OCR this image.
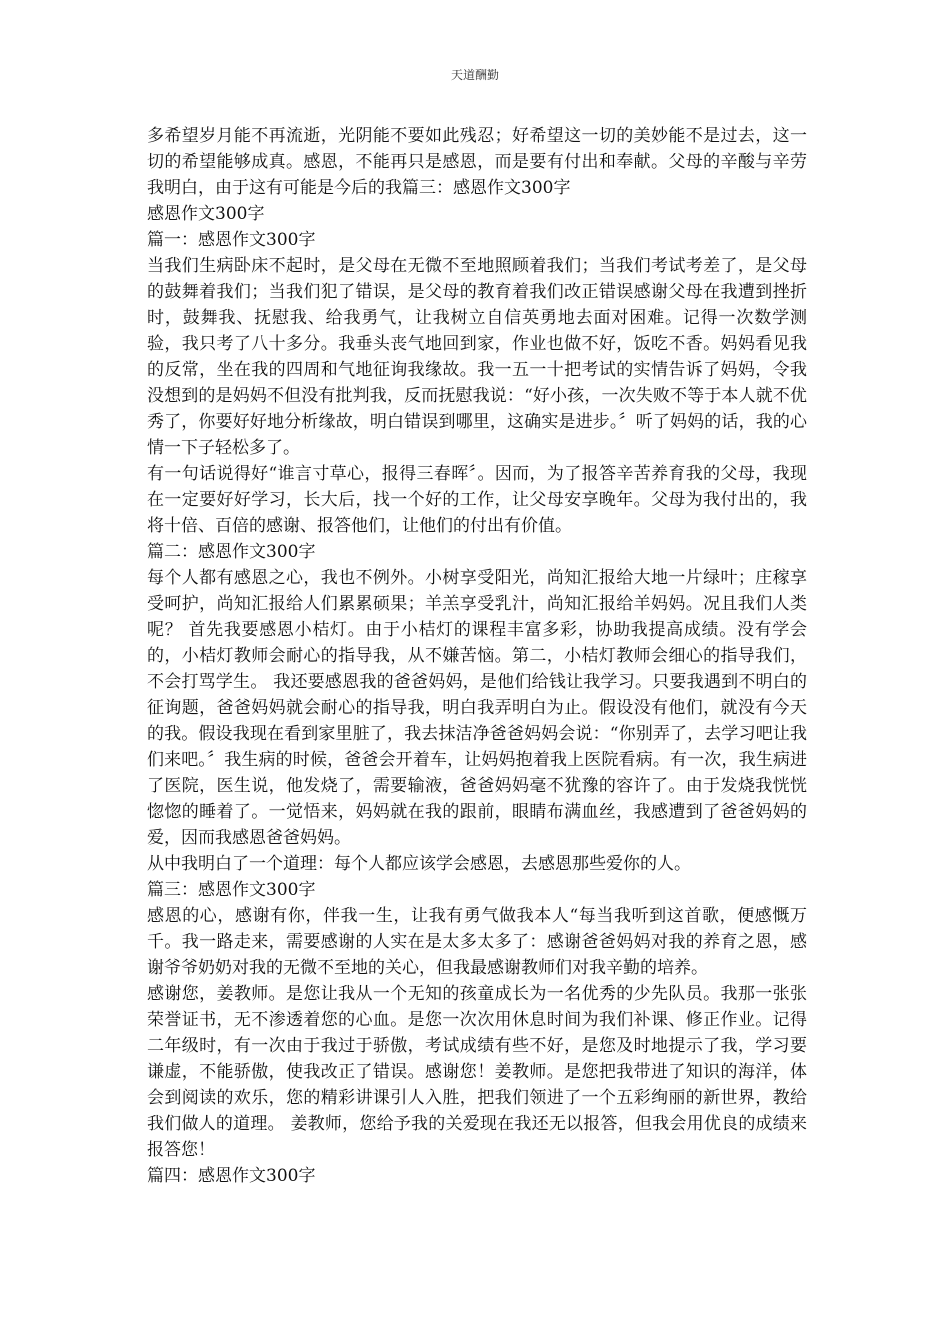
天道酬勤

多希望岁月能不再流逝，光阴能不要如此残忍；好希望这一切的美妙能不是过去，这一切的希望能够成真。感恩，不能再只是感恩，而是要有付出和奉献。父母的辛酸与辛劳我明白，由于这有可能是今后的我篇三：感恩作文300字

感恩作文300字

篇一：感恩作文300字

当我们生病卧床不起时，是父母在无微不至地照顾着我们；当我们考试考差了，是父母的鼓舞着我们；当我们犯了错误，是父母的教育着我们改正错误感谢父母在我遭到挫折时，鼓舞我、抚慰我、给我勇气，让我树立自信英勇地去面对困难。记得一次数学测验，我只考了八十多分。我垂头丧气地回到家，作业也做不好，饭吃不香。妈妈看见我的反常，坐在我的四周和气地征询我缘故。我一五一十把考试的实情告诉了妈妈，令我没想到的是妈妈不但没有批判我，反而抚慰我说：“好小孩，一次失败不等于本人就不优秀了，你要好好地分析缘故，明白错误到哪里，这确实是进步。〞听了妈妈的话，我的心情一下子轻松多了。

有一句话说得好“谁言寸草心，报得三春晖〞。因而，为了报答辛苦养育我的父母，我现在一定要好好学习，长大后，找一个好的工作，让父母安享晚年。父母为我付出的，我将十倍、百倍的感谢、报答他们，让他们的付出有价值。

篇二：感恩作文300字

每个人都有感恩之心，我也不例外。小树享受阳光，尚知汇报给大地一片绿叶；庄稼享受呵护，尚知汇报给人们累累硕果；羊羔享受乳汁，尚知汇报给羊妈妈。况且我们人类呢？ 首先我要感恩小桔灯。由于小桔灯的课程丰富多彩，协助我提高成绩。没有学会的，小桔灯教师会耐心的指导我，从不嫌苦恼。第二，小桔灯教师会细心的指导我们，不会打骂学生。 我还要感恩我的爸爸妈妈，是他们给钱让我学习。只要我遇到不明白的征询题，爸爸妈妈就会耐心的指导我，明白我弄明白为止。假设没有他们，就没有今天的我。假设我现在看到家里脏了，我去抹洁净爸爸妈妈会说：“你别弄了，去学习吧让我们来吧。〞我生病的时候，爸爸会开着车，让妈妈抱着我上医院看病。有一次，我生病进了医院，医生说，他发烧了，需要输液，爸爸妈妈毫不犹豫的容许了。由于发烧我恍恍惚惚的睡着了。一觉悟来，妈妈就在我的跟前，眼睛布满血丝，我感遭到了爸爸妈妈的爱，因而我感恩爸爸妈妈。

从中我明白了一个道理：每个人都应该学会感恩，去感恩那些爱你的人。

篇三：感恩作文300字

感恩的心，感谢有你，伴我一生，让我有勇气做我本人“每当我听到这首歌，便感慨万千。我一路走来，需要感谢的人实在是太多太多了：感谢爸爸妈妈对我的养育之恩，感谢爷爷奶奶对我的无微不至地的关心，但我最感谢教师们对我辛勤的培养。

感谢您，姜教师。是您让我从一个无知的孩童成长为一名优秀的少先队员。我那一张张荣誉证书，无不渗透着您的心血。是您一次次用休息时间为我们补课、修正作业。记得二年级时，有一次由于我过于骄傲，考试成绩有些不好，是您及时地提示了我，学习要谦虚，不能骄傲，使我改正了错误。感谢您！姜教师。是您把我带进了知识的海洋，体会到阅读的欢乐，您的精彩讲课引人入胜，把我们领进了一个五彩绚丽的新世界，教给我们做人的道理。 姜教师，您给予我的关爱现在我还无以报答，但我会用优良的成绩来报答您！

篇四：感恩作文300字
